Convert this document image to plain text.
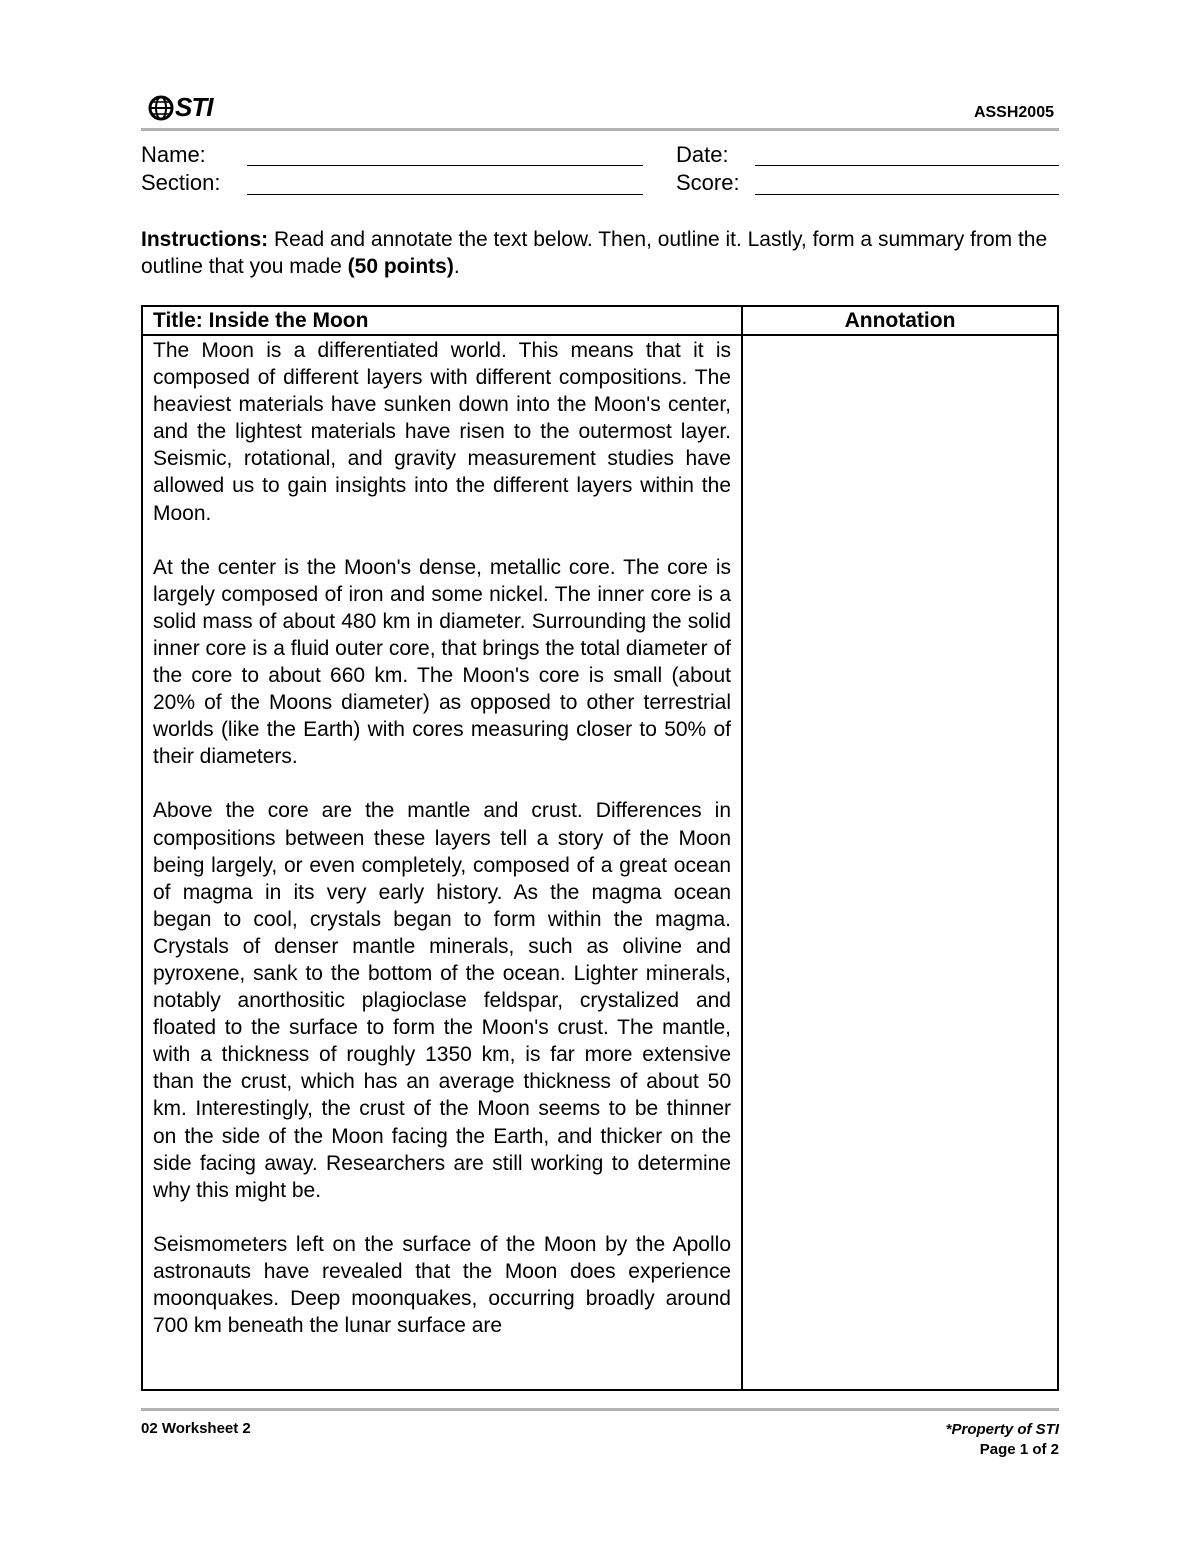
STI	ASSH2005
Name:
Section:
Date:
Score:
Instructions: Read and annotate the text below. Then, outline it. Lastly, form a summary from the outline that you made (50 points).
Title: Inside the Moon	Annotation

The Moon is a differentiated world. This means that it is composed of different layers with different compositions. The heaviest materials have sunken down into the Moon's center, and the lightest materials have risen to the outermost layer. Seismic, rotational, and gravity measurement studies have allowed us to gain insights into the different layers within the Moon.

At the center is the Moon's dense, metallic core. The core is largely composed of iron and some nickel. The inner core is a solid mass of about 480 km in diameter. Surrounding the solid inner core is a fluid outer core, that brings the total diameter of the core to about 660 km. The Moon's core is small (about 20% of the Moons diameter) as opposed to other terrestrial worlds (like the Earth) with cores measuring closer to 50% of their diameters.

Above the core are the mantle and crust. Differences in compositions between these layers tell a story of the Moon being largely, or even completely, composed of a great ocean of magma in its very early history. As the magma ocean began to cool, crystals began to form within the magma. Crystals of denser mantle minerals, such as olivine and pyroxene, sank to the bottom of the ocean. Lighter minerals, notably anorthositic plagioclase feldspar, crystalized and floated to the surface to form the Moon's crust. The mantle, with a thickness of roughly 1350 km, is far more extensive than the crust, which has an average thickness of about 50 km. Interestingly, the crust of the Moon seems to be thinner on the side of the Moon facing the Earth, and thicker on the side facing away. Researchers are still working to determine why this might be.

Seismometers left on the surface of the Moon by the Apollo astronauts have revealed that the Moon does experience moonquakes. Deep moonquakes, occurring broadly around 700 km beneath the lunar surface are

02 Worksheet 2	*Property of STI
Page 1 of 2
